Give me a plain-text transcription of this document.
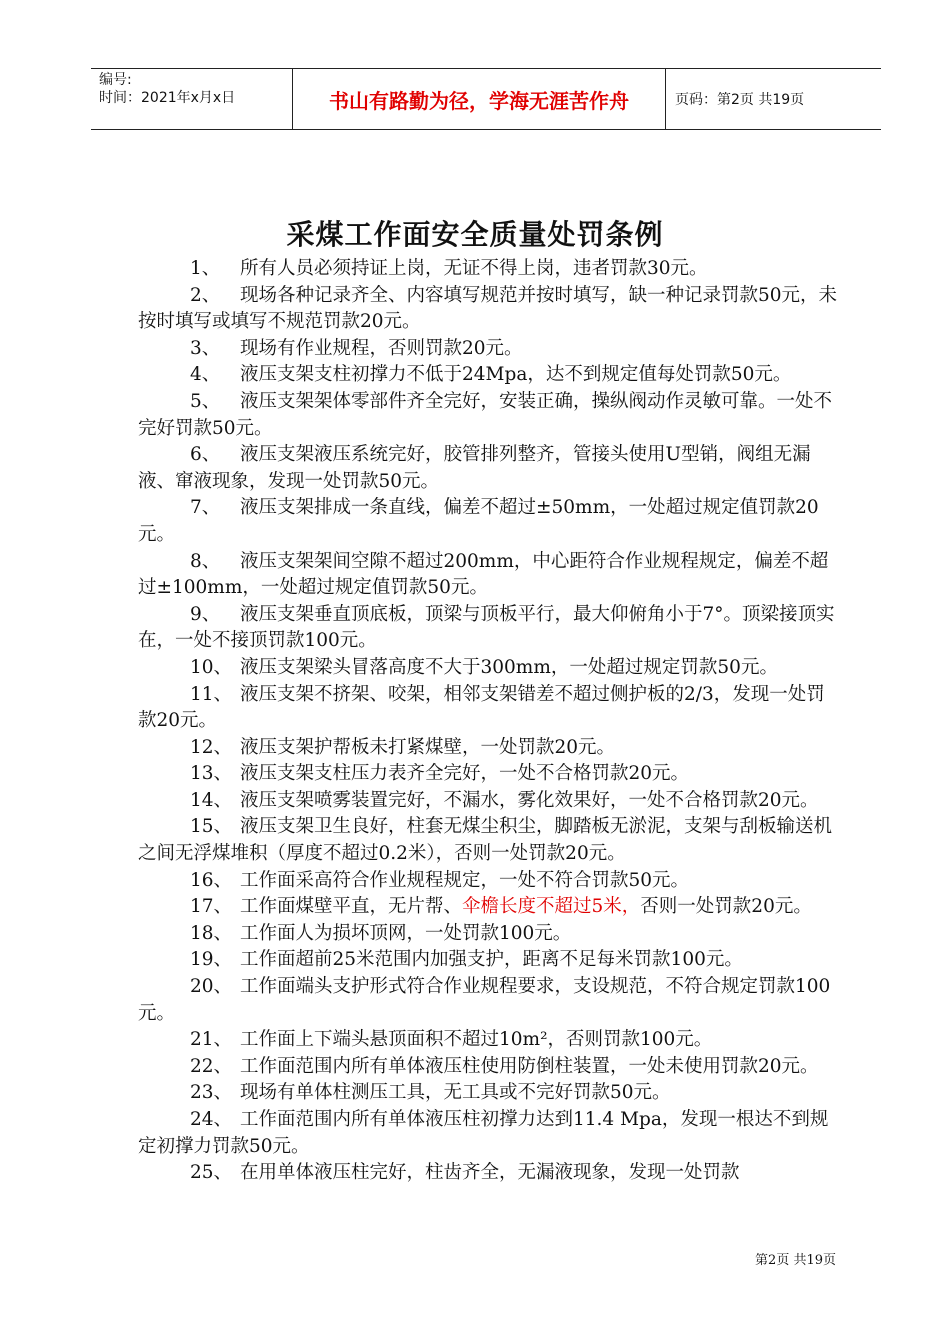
编号:
时间：2021年x月x日	书山有路勤为径，学海无涯苦作舟	页码：第2页 共19页
采煤工作面安全质量处罚条例

1、 所有人员必须持证上岗，无证不得上岗，违者罚款30元。

2、 现场各种记录齐全、内容填写规范并按时填写，缺一种记录罚款50元，未按时填写或填写不规范罚款20元。

3、 现场有作业规程，否则罚款20元。

4、 液压支架支柱初撑力不低于24Mpa，达不到规定值每处罚款50元。

5、 液压支架架体零部件齐全完好，安装正确，操纵阀动作灵敏可靠。一处不完好罚款50元。

6、 液压支架液压系统完好，胶管排列整齐，管接头使用U型销，阀组无漏液、窜液现象，发现一处罚款50元。

7、 液压支架排成一条直线，偏差不超过±50mm，一处超过规定值罚款20元。

8、 液压支架架间空隙不超过200mm，中心距符合作业规程规定，偏差不超过±100mm，一处超过规定值罚款50元。

9、 液压支架垂直顶底板，顶梁与顶板平行，最大仰俯角小于7°。顶梁接顶实在，一处不接顶罚款100元。

10、 液压支架梁头冒落高度不大于300mm，一处超过规定罚款50元。

11、 液压支架不挤架、咬架，相邻支架错差不超过侧护板的2/3，发现一处罚款20元。

12、 液压支架护帮板未打紧煤壁，一处罚款20元。

13、 液压支架支柱压力表齐全完好，一处不合格罚款20元。

14、 液压支架喷雾装置完好，不漏水，雾化效果好，一处不合格罚款20元。

15、 液压支架卫生良好，柱套无煤尘积尘，脚踏板无淤泥，支架与刮板输送机之间无浮煤堆积（厚度不超过0.2米），否则一处罚款20元。

16、 工作面采高符合作业规程规定，一处不符合罚款50元。

17、 工作面煤壁平直，无片帮、伞檐长度不超过5米，否则一处罚款20元。

18、 工作面人为损坏顶网，一处罚款100元。

19、 工作面超前25米范围内加强支护，距离不足每米罚款100元。

20、 工作面端头支护形式符合作业规程要求，支设规范，不符合规定罚款100元。

21、 工作面上下端头悬顶面积不超过10m²，否则罚款100元。

22、 工作面范围内所有单体液压柱使用防倒柱装置，一处未使用罚款20元。

23、 现场有单体柱测压工具，无工具或不完好罚款50元。

24、 工作面范围内所有单体液压柱初撑力达到11.4 Mpa，发现一根达不到规定初撑力罚款50元。

25、 在用单体液压柱完好，柱齿齐全，无漏液现象，发现一处罚款

第2页 共19页
